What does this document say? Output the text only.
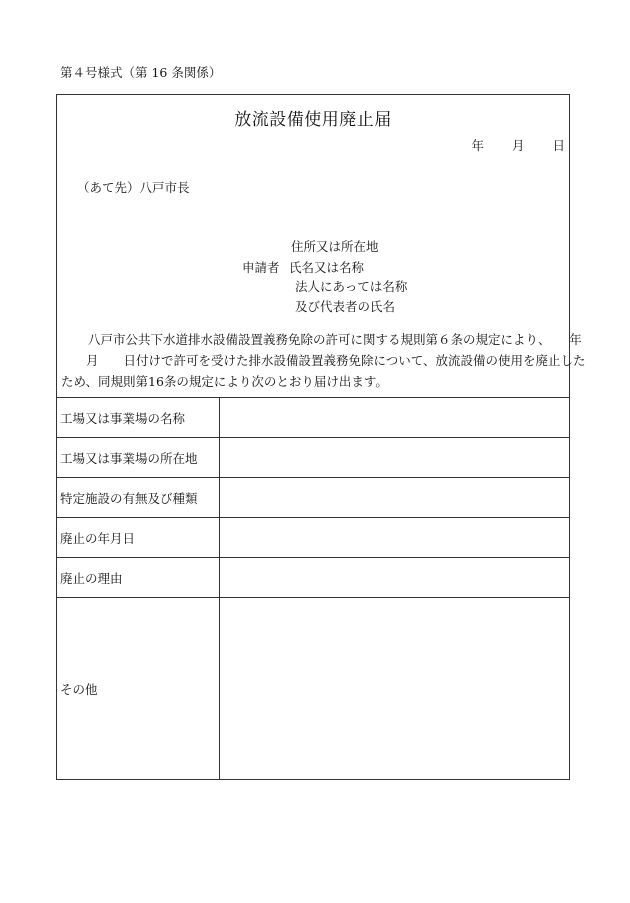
第４号様式（第 16 条関係）
放流設備使用廃止届
年 月 日
（あて先）八戸市長
住所又は所在地
申請者 氏名又は名称
法人にあっては名称
及び代表者の氏名
八戸市公共下水道排水設備設置義務免除の許可に関する規則第６条の規定により、　　年
　　月　　日付けで許可を受けた排水設備設置義務免除について、放流設備の使用を廃止した
ため、同規則第16条の規定により次のとおり届け出ます。
工場又は事業場の名称	
工場又は事業場の所在地	
特定施設の有無及び種類	
廃止の年月日	
廃止の理由	
その他	
